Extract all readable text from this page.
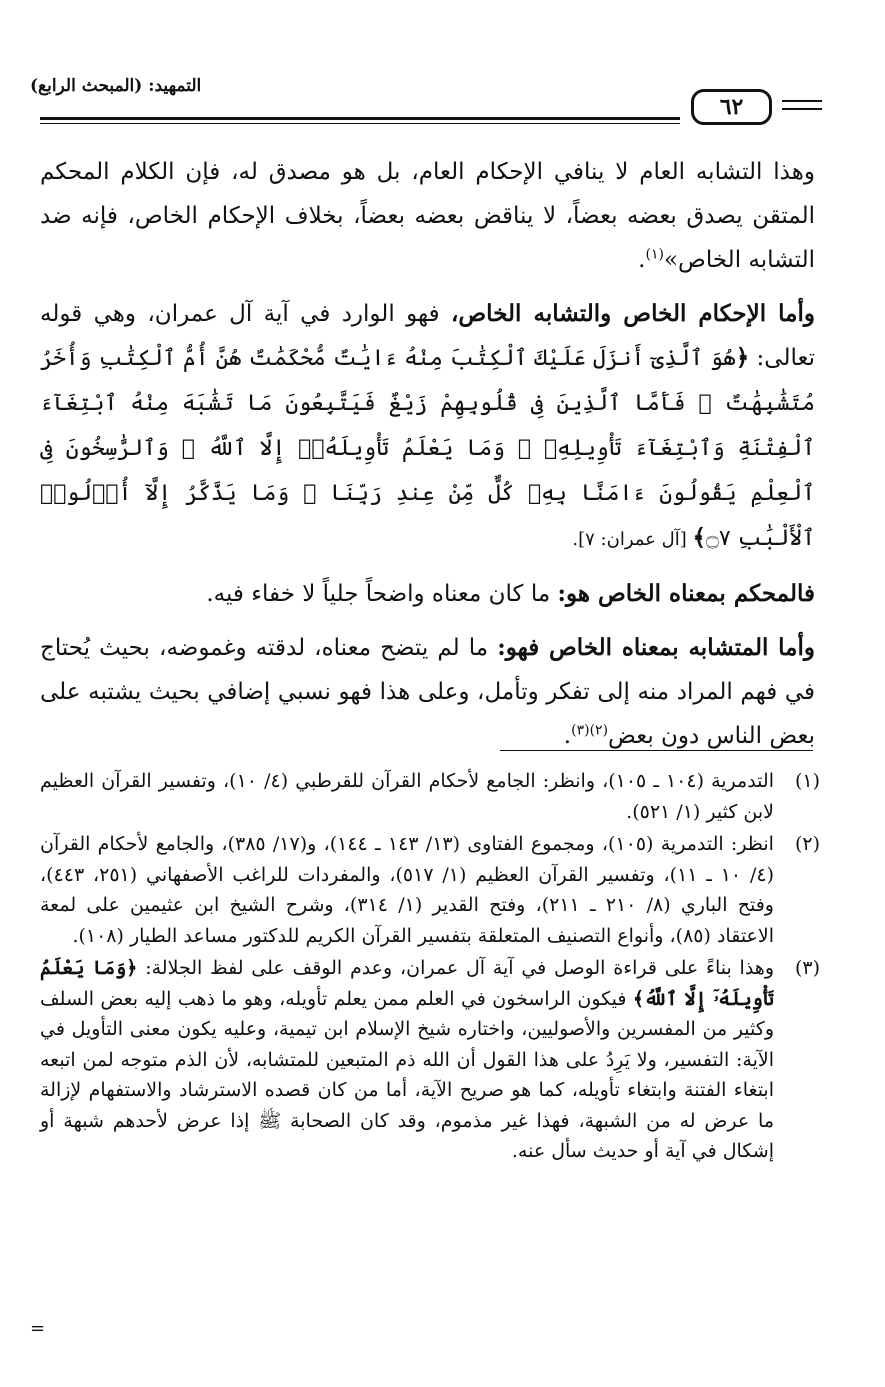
التمهيد: (المبحث الرابع)
٦٢

وهذا التشابه العام لا ينافي الإحكام العام، بل هو مصدق له، فإن الكلام المحكم المتقن يصدق بعضه بعضاً، لا يناقض بعضه بعضاً، بخلاف الإحكام الخاص، فإنه ضد التشابه الخاص»$^{(١)}$.

وأما الإحكام الخاص والتشابه الخاص، فهو الوارد في آية آل عمران، وهي قوله تعالى: ﴿هُوَ ٱلَّذِىٓ أَنزَلَ عَلَيْكَ ٱلْكِتَٰبَ مِنْهُ ءَايَٰتٌ مُّحْكَمَٰتٌ هُنَّ أُمُّ ٱلْكِتَٰبِ وَأُخَرُ مُتَشَٰبِهَٰتٌ ۖ فَأَمَّا ٱلَّذِينَ فِى قُلُوبِهِمْ زَيْغٌ فَيَتَّبِعُونَ مَا تَشَٰبَهَ مِنْهُ ٱبْتِغَآءَ ٱلْفِتْنَةِ وَٱبْتِغَآءَ تَأْوِيلِهِۦ ۗ وَمَا يَعْلَمُ تَأْوِيلَهُۥٓ إِلَّا ٱللَّهُ ۗ وَٱلرَّٰسِخُونَ فِى ٱلْعِلْمِ يَقُولُونَ ءَامَنَّا بِهِۦ كُلٌّ مِّنْ عِندِ رَبِّنَا ۗ وَمَا يَذَّكَّرُ إِلَّآ أُو۟لُوا۟ ٱلْأَلْبَٰبِ ۝٧﴾ [آل عمران: ٧].

فالمحكم بمعناه الخاص هو: ما كان معناه واضحاً جلياً لا خفاء فيه.

وأما المتشابه بمعناه الخاص فهو: ما لم يتضح معناه، لدقته وغموضه، بحيث يُحتاج في فهم المراد منه إلى تفكر وتأمل، وعلى هذا فهو نسبي إضافي بحيث يشتبه على بعض الناس دون بعض$^{(٢)(٣)}$.

(١)
التدمرية (١٠٤ ـ ١٠٥)، وانظر: الجامع لأحكام القرآن للقرطبي (٤/ ١٠)، وتفسير القرآن العظيم لابن كثير (١/ ٥٢١).
(٢)
انظر: التدمرية (١٠٥)، ومجموع الفتاوى (١٣/ ١٤٣ ـ ١٤٤)، و(١٧/ ٣٨٥)، والجامع لأحكام القرآن (٤/ ١٠ ـ ١١)، وتفسير القرآن العظيم (١/ ٥١٧)، والمفردات للراغب الأصفهاني (٢٥١، ٤٤٣)، وفتح الباري (٨/ ٢١٠ ـ ٢١١)، وفتح القدير (١/ ٣١٤)، وشرح الشيخ ابن عثيمين على لمعة الاعتقاد (٨٥)، وأنواع التصنيف المتعلقة بتفسير القرآن الكريم للدكتور مساعد الطيار (١٠٨).
(٣)
وهذا بناءً على قراءة الوصل في آية آل عمران، وعدم الوقف على لفظ الجلالة: ﴿وَمَا يَعْلَمُ تَأْوِيلَهُۥٓ إِلَّا ٱللَّهُ﴾ فيكون الراسخون في العلم ممن يعلم تأويله، وهو ما ذهب إليه بعض السلف وكثير من المفسرين والأصوليين، واختاره شيخ الإسلام ابن تيمية، وعليه يكون معنى التأويل في الآية: التفسير، ولا يَرِدُ على هذا القول أن الله ذم المتبعين للمتشابه، لأن الذم متوجه لمن اتبعه ابتغاء الفتنة وابتغاء تأويله، كما هو صريح الآية، أما من كان قصده الاسترشاد والاستفهام لإزالة ما عرض له من الشبهة، فهذا غير مذموم، وقد كان الصحابة ﷺ إذا عرض لأحدهم شبهة أو إشكال في آية أو حديث سأل عنه.
=
